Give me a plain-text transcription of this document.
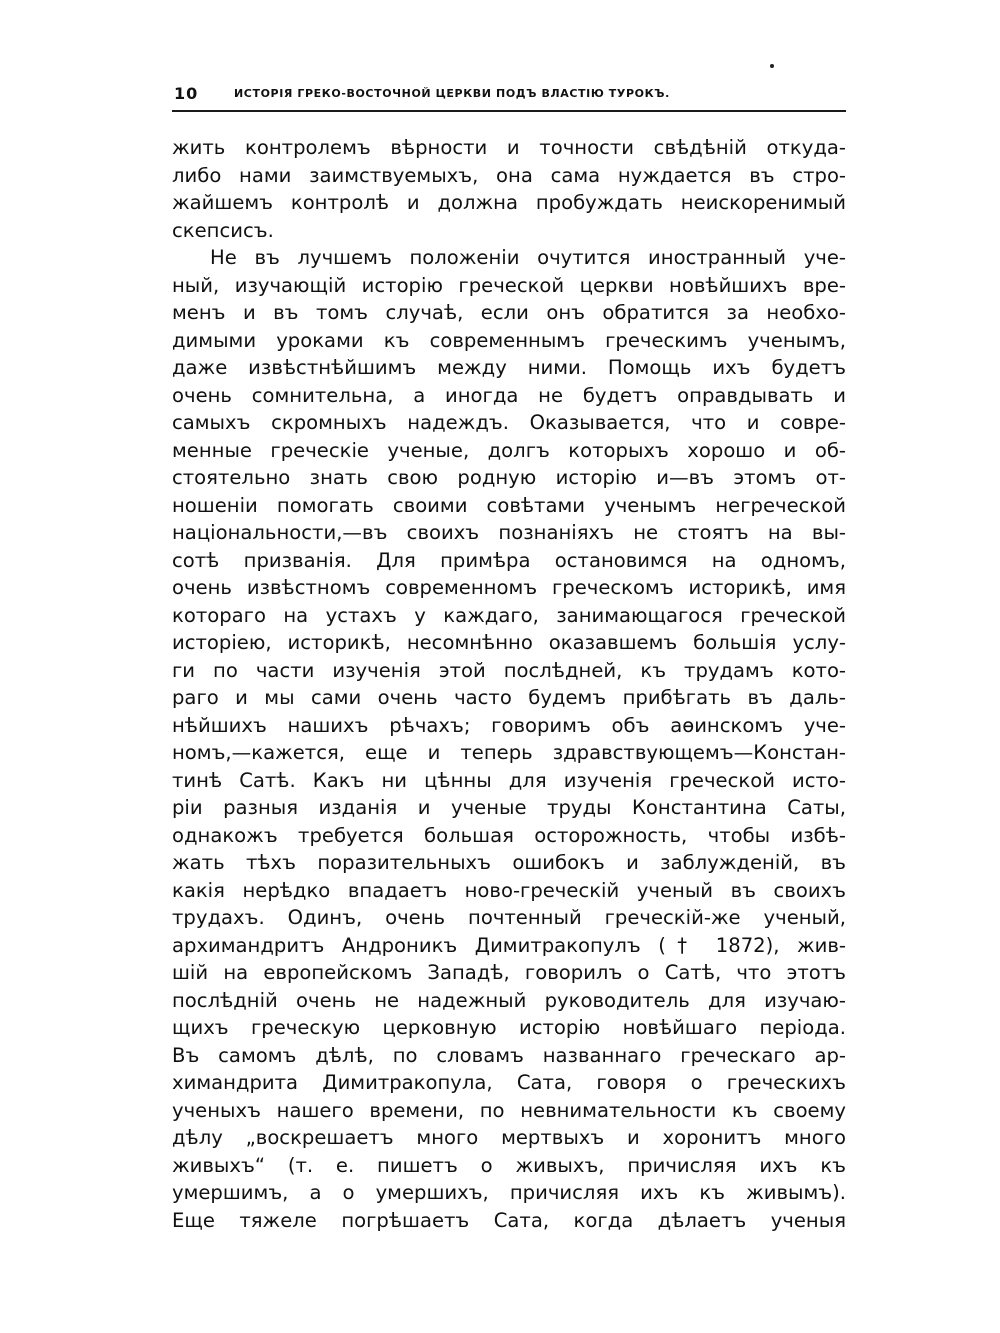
10	ИСТОРІЯ ГРЕКО-ВОСТОЧНОЙ ЦЕРКВИ ПОДЪ ВЛАСТІЮ ТУРОКЪ.
жить контролемъ вѣрности и точности свѣдѣній откуда-
либо нами заимствуемыхъ, она сама нуждается въ стро-
жайшемъ контролѣ и должна пробуждать неискоренимый
скепсисъ.
Не въ лучшемъ положеніи очутится иностранный уче-
ный, изучающій исторію греческой церкви новѣйшихъ вре-
менъ и въ томъ случаѣ, если онъ обратится за необхо-
димыми уроками къ современнымъ греческимъ ученымъ,
даже извѣстнѣйшимъ между ними. Помощь ихъ будетъ
очень сомнительна, а иногда не будетъ оправдывать и
самыхъ скромныхъ надеждъ. Оказывается, что и совре-
менные греческіе ученые, долгъ которыхъ хорошо и об-
стоятельно знать свою родную исторію и—въ этомъ от-
ношеніи помогать своими совѣтами ученымъ негреческой
національности,—въ своихъ познаніяхъ не стоятъ на вы-
сотѣ призванія. Для примѣра остановимся на одномъ,
очень извѣстномъ современномъ греческомъ историкѣ, имя
котораго на устахъ у каждаго, занимающагося греческой
исторіею, историкѣ, несомнѣнно оказавшемъ большія услу-
ги по части изученія этой послѣдней, къ трудамъ кото-
раго и мы сами очень часто будемъ прибѣгать въ даль-
нѣйшихъ нашихъ рѣчахъ; говоримъ объ аѳинскомъ уче-
номъ,—кажется, еще и теперь здравствующемъ—Констан-
тинѣ Сатѣ. Какъ ни цѣнны для изученія греческой исто-
ріи разныя изданія и ученые труды Константина Саты,
однакожъ требуется большая осторожность, чтобы избѣ-
жать тѣхъ поразительныхъ ошибокъ и заблужденій, въ
какія нерѣдко впадаетъ ново-греческій ученый въ своихъ
трудахъ. Одинъ, очень почтенный греческій-же ученый,
архимандритъ Андроникъ Димитракопулъ († 1872), жив-
шій на европейскомъ Западѣ, говорилъ о Сатѣ, что этотъ
послѣдній очень не надежный руководитель для изучаю-
щихъ греческую церковную исторію новѣйшаго періода.
Въ самомъ дѣлѣ, по словамъ названнаго греческаго ар-
химандрита Димитракопула, Сата, говоря о греческихъ
ученыхъ нашего времени, по невнимательности къ своему
дѣлу „воскрешаетъ много мертвыхъ и хоронитъ много
живыхъ“ (т. е. пишетъ о живыхъ, причисляя ихъ къ
умершимъ, а о умершихъ, причисляя ихъ къ живымъ).
Еще тяжеле погрѣшаетъ Сата, когда дѣлаетъ ученыя
